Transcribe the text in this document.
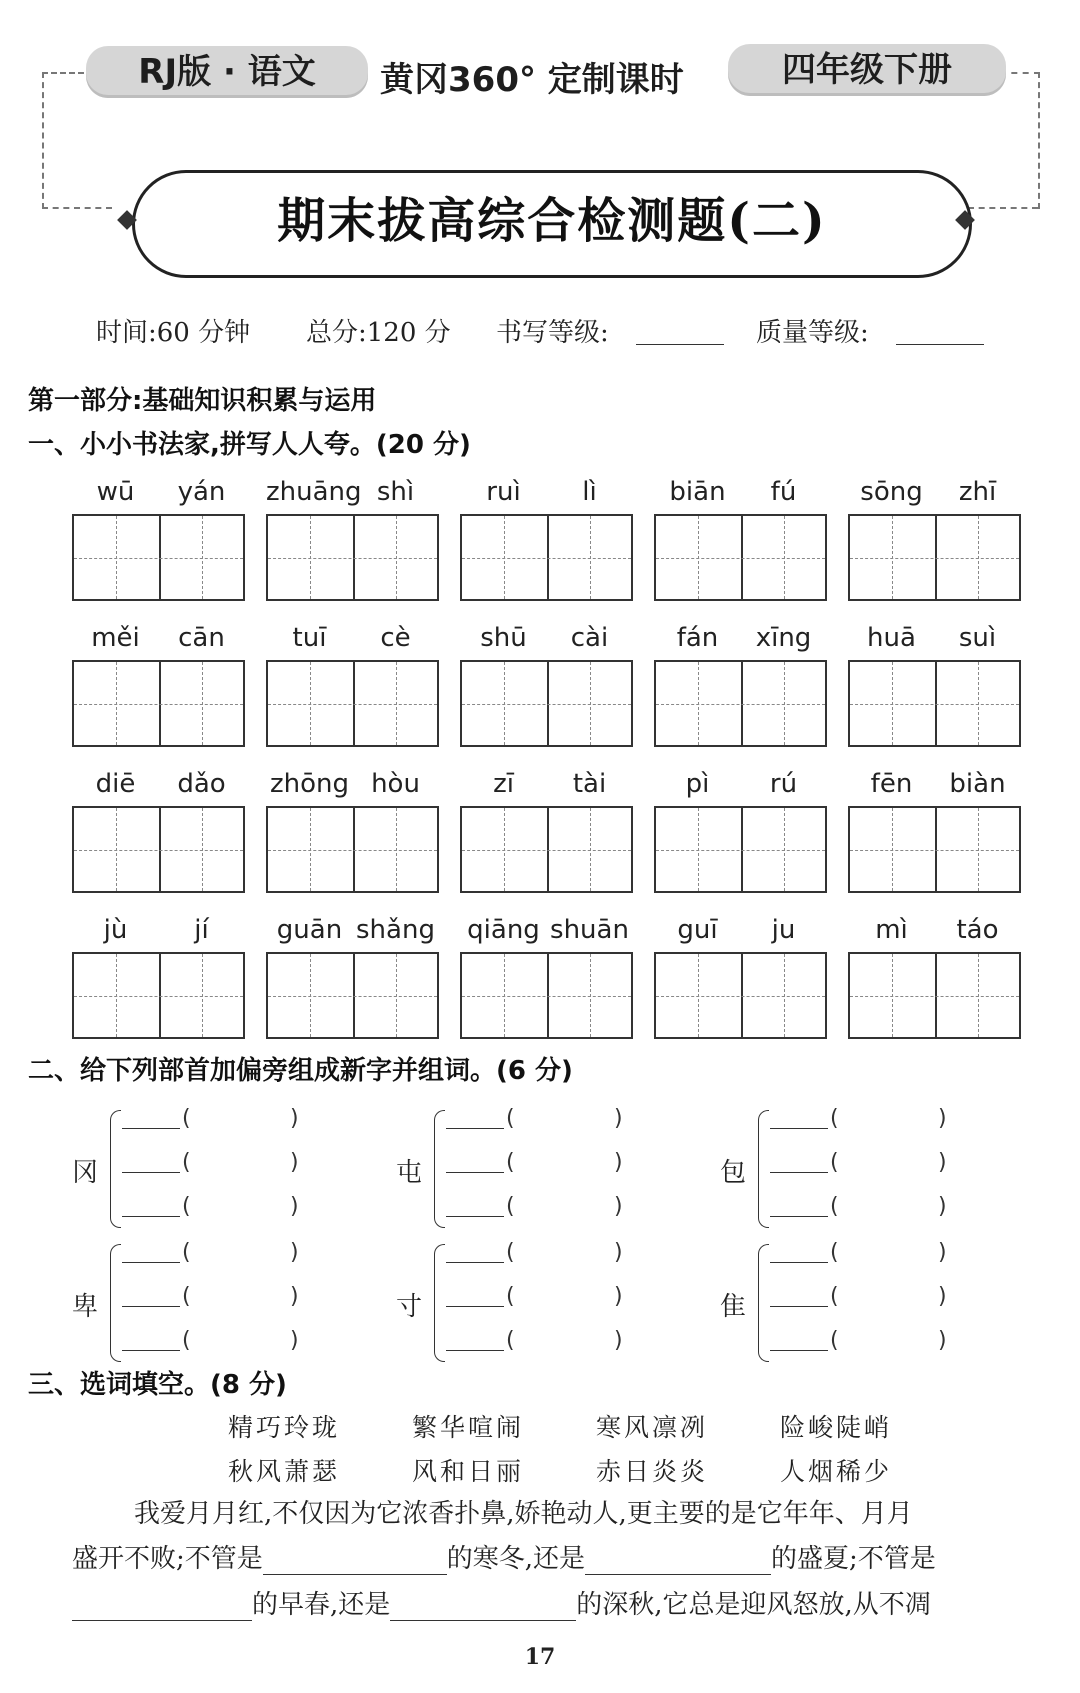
RJ版 · 语文	黄冈360° 定制课时	四年级下册
期末拔高综合检测题(二)
时间:60 分钟 总分:120 分 书写等级:	质量等级:
第一部分:基础知识积累与运用
一、小小书法家,拼写人人夸。(20 分)
wū	yán	zhuāng shì	ruì	lì	biān	fú	sōng	zhī
měi	cān	tuī	cè	shū	cài	fán	xīng	huā	suì
diē	dǎo	zhōng hòu	zī	tài	pì	rú	fēn	biàn
jù	jí	guān shǎng qiāng shuān	guī	ju	mì	táo
二、给下列部首加偏旁组成新字并组词。(6 分)
冈
(	)
(	)
(	)
屯
(	)
(	)
(	)
包
(	)
(	)
(	)
卑
(	)
(	)
(	)
寸
(	)
(	)
(	)
隹
(	)
(	)
(	)
三、选词填空。(8 分)
精巧玲珑	繁华喧闹	寒风凛冽	险峻陡峭
秋风萧瑟	风和日丽	赤日炎炎	人烟稀少
我爱月月红,不仅因为它浓香扑鼻,娇艳动人,更主要的是它年年、月月
盛开不败;不管是	的寒冬,还是	的盛夏;不管是
的早春,还是	的深秋,它总是迎风怒放,从不凋
17
